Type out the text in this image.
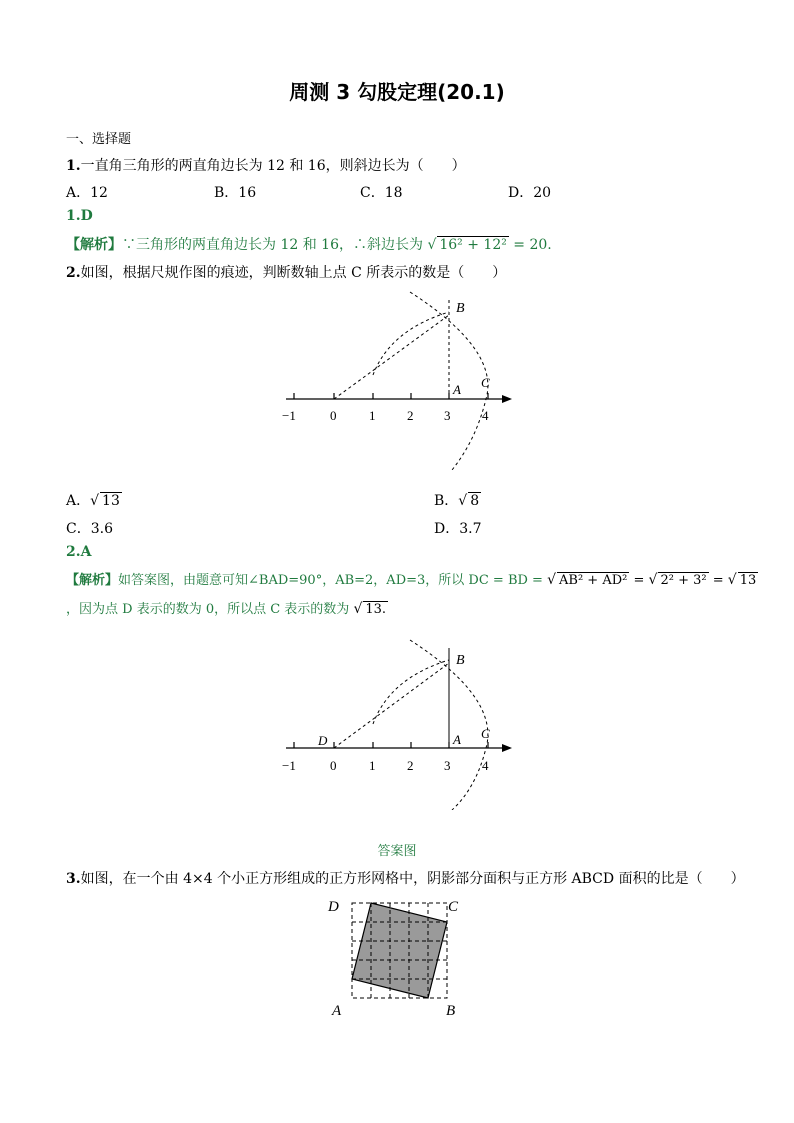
周测 3 勾股定理(20.1)
一、选择题
1.一直角三角形的两直角边长为 12 和 16，则斜边长为（　　）
A．12	B．16	C．18	D．20
1.D
【解析】∵三角形的两直角边长为 12 和 16，∴斜边长为 √ 16² + 12² = 20.
2.如图，根据尺规作图的痕迹，判断数轴上点 C 所表示的数是（　　）
B
A C
−1	0	1 2 3 4
A．√ 13	B．√ 8
C．3.6	D．3.7
2.A
【解析】如答案图，由题意可知∠BAD=90°，AB=2，AD=3，所以 DC = BD = √ AB² + AD² = √ 2² + 3² = √ 13
，因为点 D 表示的数为 0，所以点 C 表示的数为 √ 13.
B
A C
D
−1	0	1 2 3 4
答案图
3.如图，在一个由 4×4 个小正方形组成的正方形网格中，阴影部分面积与正方形 ABCD 面积的比是（　　）
D	C
A	B
